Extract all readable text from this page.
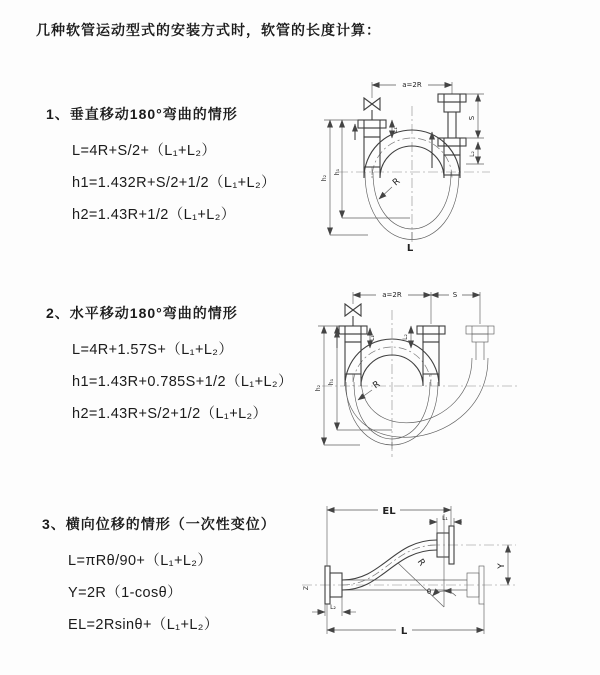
几种软管运动型式的安装方式时，软管的长度计算：
1、垂直移动180°弯曲的情形
L=4R+S/2+（L₁+L₂）
h1=1.432R+S/2+1/2（L₁+L₂）
h2=1.43R+1/2（L₁+L₂）
2、水平移动180°弯曲的情形
L=4R+1.57S+（L₁+L₂）
h1=1.43R+0.785S+1/2（L₁+L₂）
h2=1.43R+S/2+1/2（L₁+L₂）
3、横向位移的情形（一次性变位）
L=πRθ/90+（L₁+L₂）
Y=2R（1-cosθ）
EL=2Rsinθ+（L₁+L₂）
a=2R
S
L₂
L₁
h₁
h₂	R
L
L₁	L₂
a=2R	S
h₁
h₂	R
θ
R
EL
L₁
Y
L
L₂
Z
